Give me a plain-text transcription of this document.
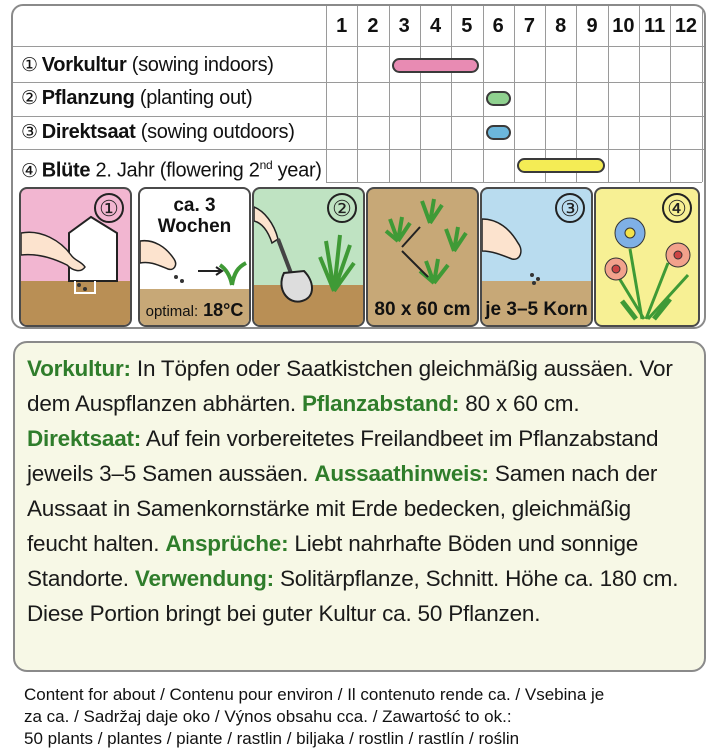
1	2	3	4	5	6	7	8	9 10 11 12
① Vorkultur (sowing indoors)
② Pflanzung (planting out)
③ Direktsaat (sowing outdoors)
④ Blüte 2. Jahr (flowering 2nd year)
①	ca. 3
Wochen
optimal: 18°C
②
80 x 60 cm
③
je 3–5 Korn
④
Vorkultur: In Töpfen oder Saatkistchen gleichmäßig aussäen. Vor dem Auspflanzen abhärten. Pflanzabstand: 80 x 60 cm. Direktsaat: Auf fein vorbereitetes Freilandbeet im Pflanzabstand jeweils 3–5 Samen aussäen. Aussaathinweis: Samen nach der Aussaat in Samenkornstärke mit Erde bedecken, gleichmäßig feucht halten. Ansprüche: Liebt nahrhafte Böden und sonnige Standorte. Verwendung: Solitärpflanze, Schnitt. Höhe ca. 180 cm. Diese Portion bringt bei guter Kultur ca. 50 Pflanzen.
Content for about / Contenu pour environ / Il contenuto rende ca. / Vsebina je
za ca. / Sadržaj daje oko / Výnos obsahu cca. / Zawartość to ok.:
50 plants / plantes / piante / rastlin / biljaka / rostlin / rastlín / roślin
